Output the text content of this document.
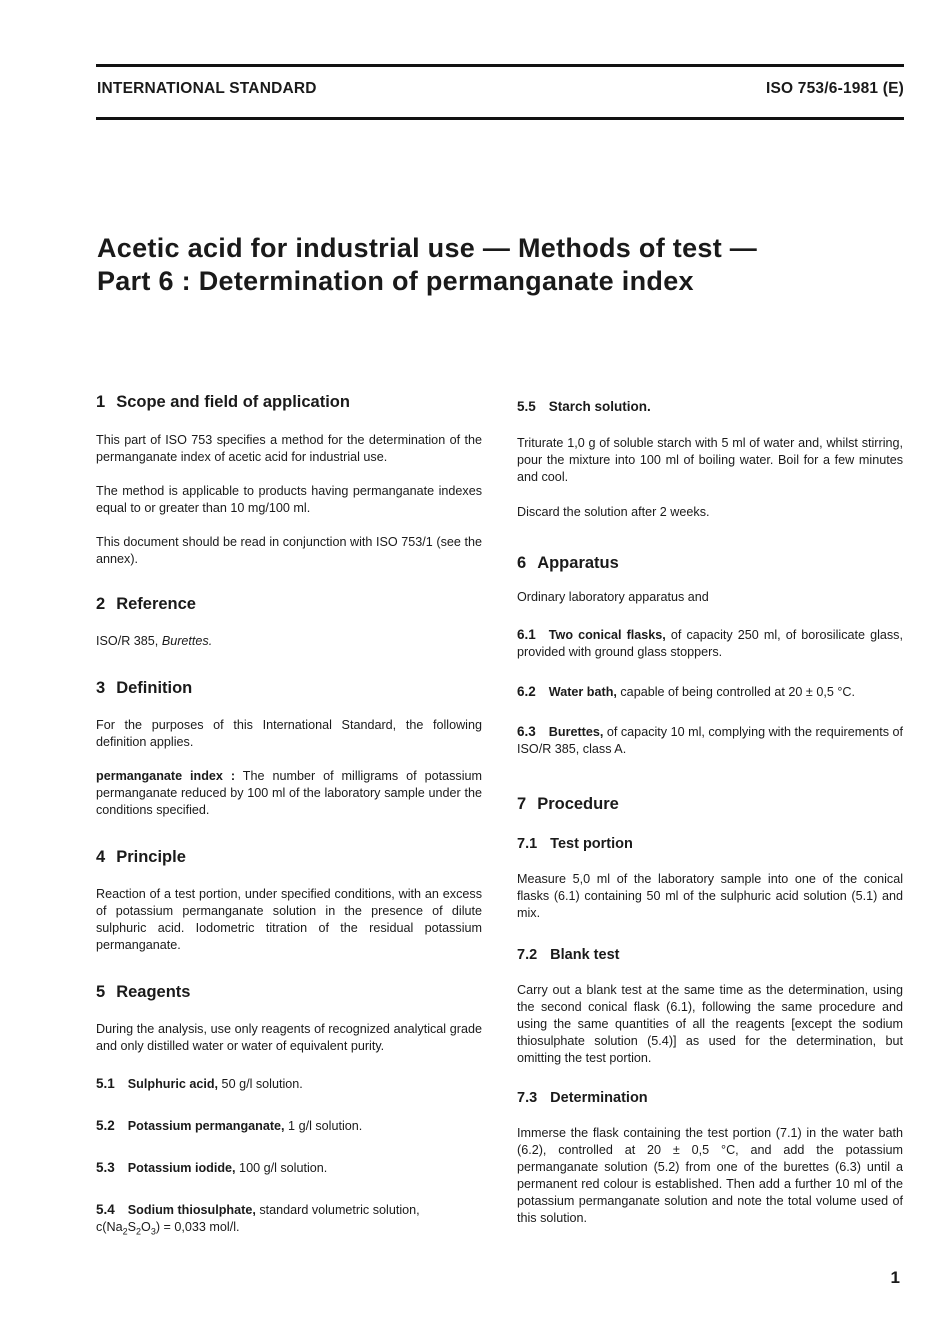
INTERNATIONAL STANDARD	ISO 753/6-1981 (E)
Acetic acid for industrial use — Methods of test —
Part 6 : Determination of permanganate index
1 Scope and field of application

This part of ISO 753 specifies a method for the determination of the permanganate index of acetic acid for industrial use.

The method is applicable to products having permanganate indexes equal to or greater than 10 mg/100 ml.

This document should be read in conjunction with ISO 753/1 (see the annex).

2 Reference

ISO/R 385, Burettes.

3 Definition

For the purposes of this International Standard, the following definition applies.

permanganate index : The number of milligrams of potassium permanganate reduced by 100 ml of the laboratory sample under the conditions specified.

4 Principle

Reaction of a test portion, under specified conditions, with an excess of potassium permanganate solution in the presence of dilute sulphuric acid. Iodometric titration of the residual potassium permanganate.

5 Reagents

During the analysis, use only reagents of recognized analytical grade and only distilled water or water of equivalent purity.

5.1 Sulphuric acid, 50 g/l solution.

5.2 Potassium permanganate, 1 g/l solution.

5.3 Potassium iodide, 100 g/l solution.

5.4 Sodium thiosulphate, standard volumetric solution,
$c(Na_2S_2O_3) = 0,033$ mol/l.

5.5 Starch solution.

Triturate 1,0 g of soluble starch with 5 ml of water and, whilst stirring, pour the mixture into 100 ml of boiling water. Boil for a few minutes and cool.

Discard the solution after 2 weeks.

6 Apparatus

Ordinary laboratory apparatus and

6.1 Two conical flasks, of capacity 250 ml, of borosilicate glass, provided with ground glass stoppers.

6.2 Water bath, capable of being controlled at 20 ± 0,5 °C.

6.3 Burettes, of capacity 10 ml, complying with the requirements of ISO/R 385, class A.

7 Procedure
7.1 Test portion

Measure 5,0 ml of the laboratory sample into one of the conical flasks (6.1) containing 50 ml of the sulphuric acid solution (5.1) and mix.

7.2 Blank test

Carry out a blank test at the same time as the determination, using the second conical flask (6.1), following the same procedure and using the same quantities of all the reagents [except the sodium thiosulphate solution (5.4)] as used for the determination, but omitting the test portion.

7.3 Determination

Immerse the flask containing the test portion (7.1) in the water bath (6.2), controlled at 20 ± 0,5 °C, and add the potassium permanganate solution (5.2) from one of the burettes (6.3) until a permanent red colour is established. Then add a further 10 ml of the potassium permanganate solution and note the total volume used of this solution.

1
